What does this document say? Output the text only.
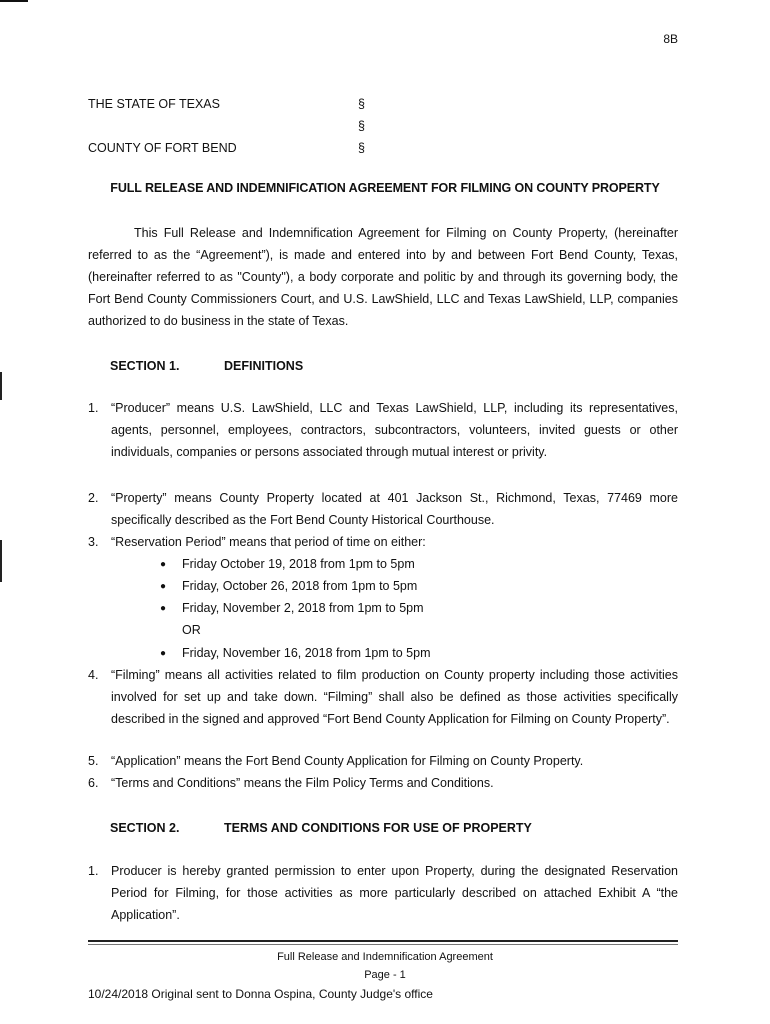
8B
THE STATE OF TEXAS
COUNTY OF FORT BEND
§
§
§
FULL RELEASE AND INDEMNIFICATION AGREEMENT FOR FILMING ON COUNTY PROPERTY
This Full Release and Indemnification Agreement for Filming on County Property, (hereinafter referred to as the “Agreement”), is made and entered into by and between Fort Bend County, Texas, (hereinafter referred to as "County"), a body corporate and politic by and through its governing body, the Fort Bend County Commissioners Court, and U.S. LawShield, LLC and Texas LawShield, LLP, companies authorized to do business in the state of Texas.
SECTION 1.	DEFINITIONS
1. “Producer” means U.S. LawShield, LLC and Texas LawShield, LLP, including its representatives, agents, personnel, employees, contractors, subcontractors, volunteers, invited guests or other individuals, companies or persons associated through mutual interest or privity.
2. “Property” means County Property located at 401 Jackson St., Richmond, Texas, 77469 more specifically described as the Fort Bend County Historical Courthouse.
3. “Reservation Period” means that period of time on either:
● Friday October 19, 2018 from 1pm to 5pm
● Friday, October 26, 2018 from 1pm to 5pm
● Friday, November 2, 2018 from 1pm to 5pm
OR
● Friday, November 16, 2018 from 1pm to 5pm
4. “Filming” means all activities related to film production on County property including those activities involved for set up and take down. “Filming” shall also be defined as those activities specifically described in the signed and approved “Fort Bend County Application for Filming on County Property”.
5. “Application” means the Fort Bend County Application for Filming on County Property.
6. “Terms and Conditions” means the Film Policy Terms and Conditions.
SECTION 2.	TERMS AND CONDITIONS FOR USE OF PROPERTY
1. Producer is hereby granted permission to enter upon Property, during the designated Reservation Period for Filming, for those activities as more particularly described on attached Exhibit A “the Application”.
Full Release and Indemnification Agreement
Page - 1
10/24/2018 Original sent to Donna Ospina, County Judge's office
